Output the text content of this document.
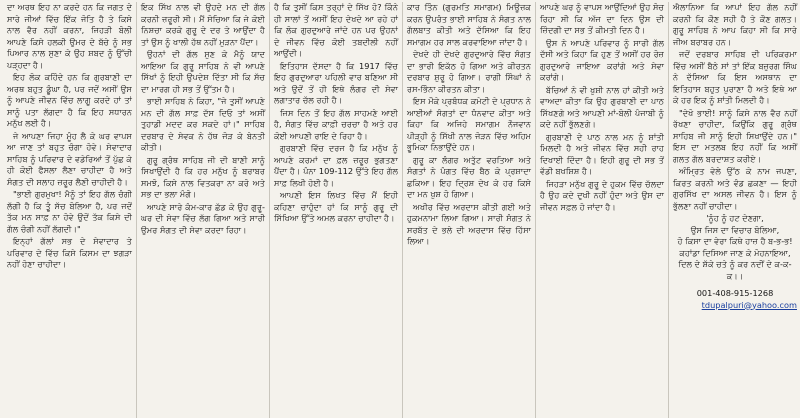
ਦਾ ਅਰਥ ਇਹ ਨਾ ਕਰਦੇ ਹਨ ਕਿ ਜਗਤ ਦੇ ਸਾਰੇ ਜੀਆਂ ਵਿੱਚ ਇੱਕ ਜੋਤਿ ਹੈ ਤੇ ਕਿਸੇ ਨਾਲ ਵੈਰ ਨਹੀਂ ਕਰਨਾ, ਜਿਹੜੀ ਬੋਲੀ ਆਪਣੇ ਕਿਸੇ ਹਲਕੀ ਉਮਰ ਦੇ ਬੱਚੇ ਨੂੰ ਸਭ ਪਿਆਰ ਨਾਲ ਸੁਣਾ ਕੇ ਉਹ ਸ਼ਬਦ ਨੂੰ ਉੱਚੀ ਪੜ੍ਹਦਾ ਹੈ।

ਇਹ ਲੋਕ ਕਹਿੰਦੇ ਹਨ ਕਿ ਗੁਰਬਾਣੀ ਦਾ ਅਰਥ ਬਹੁਤ ਡੂੰਘਾ ਹੈ, ਪਰ ਜਦੋਂ ਅਸੀਂ ਉਸ ਨੂੰ ਆਪਣੇ ਜੀਵਨ ਵਿੱਚ ਲਾਗੂ ਕਰਦੇ ਹਾਂ ਤਾਂ ਸਾਨੂੰ ਪਤਾ ਲੱਗਦਾ ਹੈ ਕਿ ਇਹ ਸਧਾਰਨ ਮਨੁੱਖ ਲਈ ਹੈ।

ਜੇ ਆਪਣਾ ਜਿਹਾ ਮੂੰਹ ਲੈ ਕੇ ਘਰ ਵਾਪਸ ਆ ਜਾਣ ਤਾਂ ਬਹੁਤ ਚੰਗਾ ਹੋਵੇ। ਸੇਵਾਦਾਰ ਸਾਹਿਬ ਨੂੰ ਪਰਿਵਾਰ ਦੇ ਵਡੇਰਿਆਂ ਤੋਂ ਪੁੱਛ ਕੇ ਹੀ ਕੋਈ ਫੈਸਲਾ ਲੈਣਾ ਚਾਹੀਦਾ ਹੈ ਅਤੇ ਸੰਗਤ ਦੀ ਸਲਾਹ ਜ਼ਰੂਰ ਲੈਣੀ ਚਾਹੀਦੀ ਹੈ।

"ਭਾਈ ਗੁਰਮੁਖਾ! ਮੈਨੂੰ ਤਾਂ ਇਹ ਗੱਲ ਚੰਗੀ ਲੱਗੀ ਹੈ ਕਿ ਤੂੰ ਸੱਚ ਬੋਲਿਆ ਹੈ, ਪਰ ਜਦੋਂ ਤੱਕ ਮਨ ਸਾਫ਼ ਨਾ ਹੋਵੇ ਉਦੋਂ ਤੱਕ ਕਿਸੇ ਦੀ ਗੱਲ ਚੰਗੀ ਨਹੀਂ ਲੱਗਦੀ।"

ਇਨ੍ਹਾਂ ਗੱਲਾਂ ਸਭ ਦੇ ਸੇਵਾਦਾਰ ਤੇ ਪਰਿਵਾਰ ਦੇ ਵਿੱਚ ਕਿਸੇ ਕਿਸਮ ਦਾ ਝਗੜਾ ਨਹੀਂ ਹੋਣਾ ਚਾਹੀਦਾ।

ਇਕ ਸਿੱਖ ਨਾਲ ਵੀ ਉਹਦੇ ਮਨ ਦੀ ਗੱਲ ਕਰਨੀ ਜ਼ਰੂਰੀ ਸੀ। ਮੈਂ ਸੋਚਿਆ ਕਿ ਜੇ ਕੋਈ ਨਿਸ਼ਚਾ ਕਰਕੇ ਗੁਰੂ ਦੇ ਦਰ ਤੇ ਆਉਂਦਾ ਹੈ ਤਾਂ ਉਸ ਨੂੰ ਖਾਲੀ ਹੱਥ ਨਹੀਂ ਮੁੜਨਾ ਪੈਂਦਾ।

ਉਹਨਾਂ ਦੀ ਗੱਲ ਸੁਣ ਕੇ ਮੈਨੂੰ ਯਾਦ ਆਇਆ ਕਿ ਗੁਰੂ ਸਾਹਿਬ ਨੇ ਵੀ ਆਪਣੇ ਸਿੱਖਾਂ ਨੂੰ ਇਹੀ ਉਪਦੇਸ਼ ਦਿੱਤਾ ਸੀ ਕਿ ਸੱਚ ਦਾ ਮਾਰਗ ਹੀ ਸਭ ਤੋਂ ਉੱਤਮ ਹੈ।

ਭਾਈ ਸਾਹਿਬ ਨੇ ਕਿਹਾ, "ਜੇ ਤੁਸੀਂ ਆਪਣੇ ਮਨ ਦੀ ਗੱਲ ਸਾਫ਼ ਦੱਸ ਦਿਓ ਤਾਂ ਅਸੀਂ ਤੁਹਾਡੀ ਮਦਦ ਕਰ ਸਕਦੇ ਹਾਂ।" ਸਾਹਿਬ ਦਰਬਾਰ ਦੇ ਸੇਵਕ ਨੇ ਹੱਥ ਜੋੜ ਕੇ ਬੇਨਤੀ ਕੀਤੀ।

ਗੁਰੂ ਗ੍ਰੰਥ ਸਾਹਿਬ ਜੀ ਦੀ ਬਾਣੀ ਸਾਨੂੰ ਸਿਖਾਉਂਦੀ ਹੈ ਕਿ ਹਰ ਮਨੁੱਖ ਨੂੰ ਬਰਾਬਰ ਸਮਝੋ, ਕਿਸੇ ਨਾਲ ਵਿਤਕਰਾ ਨਾ ਕਰੋ ਅਤੇ ਸਭ ਦਾ ਭਲਾ ਮੰਗੋ।

ਆਪਣੇ ਸਾਰੇ ਕੰਮ-ਕਾਰ ਛੱਡ ਕੇ ਉਹ ਗੁਰੂ-ਘਰ ਦੀ ਸੇਵਾ ਵਿੱਚ ਲੱਗ ਗਿਆ ਅਤੇ ਸਾਰੀ ਉਮਰ ਸੰਗਤ ਦੀ ਸੇਵਾ ਕਰਦਾ ਰਿਹਾ।

ਹੈ ਕਿ ਤੁਸੀਂ ਕਿਸ ਤਰ੍ਹਾਂ ਦੇ ਸਿੱਖ ਹੋ? ਕਿੰਨੇ ਹੀ ਸਾਲਾਂ ਤੋਂ ਅਸੀਂ ਇਹ ਦੇਖਦੇ ਆ ਰਹੇ ਹਾਂ ਕਿ ਲੋਕ ਗੁਰਦੁਆਰੇ ਜਾਂਦੇ ਹਨ ਪਰ ਉਹਨਾਂ ਦੇ ਜੀਵਨ ਵਿੱਚ ਕੋਈ ਤਬਦੀਲੀ ਨਹੀਂ ਆਉਂਦੀ।

ਇਤਿਹਾਸ ਦੱਸਦਾ ਹੈ ਕਿ 1917 ਵਿੱਚ ਇਹ ਗੁਰਦੁਆਰਾ ਪਹਿਲੀ ਵਾਰ ਬਣਿਆ ਸੀ ਅਤੇ ਉਦੋਂ ਤੋਂ ਹੀ ਇਥੇ ਲੰਗਰ ਦੀ ਸੇਵਾ ਲਗਾਤਾਰ ਚੱਲ ਰਹੀ ਹੈ।

ਜਿਸ ਦਿਨ ਤੋਂ ਇਹ ਗੱਲ ਸਾਹਮਣੇ ਆਈ ਹੈ, ਸੰਗਤ ਵਿੱਚ ਕਾਫ਼ੀ ਚਰਚਾ ਹੈ ਅਤੇ ਹਰ ਕੋਈ ਆਪਣੀ ਰਾਇ ਦੇ ਰਿਹਾ ਹੈ।

ਗੁਰਬਾਣੀ ਵਿੱਚ ਦਰਜ ਹੈ ਕਿ ਮਨੁੱਖ ਨੂੰ ਆਪਣੇ ਕਰਮਾਂ ਦਾ ਫ਼ਲ ਜ਼ਰੂਰ ਭੁਗਤਣਾ ਪੈਂਦਾ ਹੈ। ਪੰਨਾ 109-112 ਉੱਤੇ ਇਹ ਗੱਲ ਸਾਫ਼ ਲਿਖੀ ਹੋਈ ਹੈ।

ਆਪਣੀ ਇਸ ਲਿਖਤ ਵਿੱਚ ਮੈਂ ਇਹੀ ਕਹਿਣਾ ਚਾਹੁੰਦਾ ਹਾਂ ਕਿ ਸਾਨੂੰ ਗੁਰੂ ਦੀ ਸਿੱਖਿਆ ਉੱਤੇ ਅਮਲ ਕਰਨਾ ਚਾਹੀਦਾ ਹੈ।

ਕਾਰ ਤਿੰਨ (ਗੁਰਮਤਿ ਸਮਾਗਮ) ਮਿਊਜ਼ਕ ਕਰਨ ਉਪਰੰਤ ਭਾਈ ਸਾਹਿਬ ਨੇ ਸੰਗਤ ਨਾਲ ਗੱਲਬਾਤ ਕੀਤੀ ਅਤੇ ਦੱਸਿਆ ਕਿ ਇਹ ਸਮਾਗਮ ਹਰ ਸਾਲ ਕਰਵਾਇਆ ਜਾਂਦਾ ਹੈ।

ਦੇਖਦੇ ਹੀ ਦੇਖਦੇ ਗੁਰਦੁਆਰੇ ਵਿੱਚ ਸੰਗਤ ਦਾ ਭਾਰੀ ਇਕੱਠ ਹੋ ਗਿਆ ਅਤੇ ਕੀਰਤਨ ਦਰਬਾਰ ਸ਼ੁਰੂ ਹੋ ਗਿਆ। ਰਾਗੀ ਸਿੰਘਾਂ ਨੇ ਰਸ-ਭਿੰਨਾ ਕੀਰਤਨ ਕੀਤਾ।

ਇਸ ਮੌਕੇ ਪ੍ਰਬੰਧਕ ਕਮੇਟੀ ਦੇ ਪ੍ਰਧਾਨ ਨੇ ਆਈਆਂ ਸੰਗਤਾਂ ਦਾ ਧੰਨਵਾਦ ਕੀਤਾ ਅਤੇ ਕਿਹਾ ਕਿ ਅਜਿਹੇ ਸਮਾਗਮ ਨੌਜਵਾਨ ਪੀੜ੍ਹੀ ਨੂੰ ਸਿੱਖੀ ਨਾਲ ਜੋੜਨ ਵਿੱਚ ਅਹਿਮ ਭੂਮਿਕਾ ਨਿਭਾਉਂਦੇ ਹਨ।

ਗੁਰੂ ਕਾ ਲੰਗਰ ਅਤੁੱਟ ਵਰਤਿਆ ਅਤੇ ਸੰਗਤਾਂ ਨੇ ਪੰਗਤ ਵਿੱਚ ਬੈਠ ਕੇ ਪ੍ਰਸ਼ਾਦਾ ਛਕਿਆ। ਇਹ ਦ੍ਰਿਸ਼ ਦੇਖ ਕੇ ਹਰ ਕਿਸੇ ਦਾ ਮਨ ਖੁਸ਼ ਹੋ ਗਿਆ।

ਅਖੀਰ ਵਿੱਚ ਅਰਦਾਸ ਕੀਤੀ ਗਈ ਅਤੇ ਹੁਕਮਨਾਮਾ ਲਿਆ ਗਿਆ। ਸਾਰੀ ਸੰਗਤ ਨੇ ਸਰਬੱਤ ਦੇ ਭਲੇ ਦੀ ਅਰਦਾਸ ਵਿੱਚ ਹਿੱਸਾ ਲਿਆ।

ਆਪਣੇ ਘਰ ਨੂੰ ਵਾਪਸ ਆਉਂਦਿਆਂ ਉਹ ਸੋਚ ਰਿਹਾ ਸੀ ਕਿ ਅੱਜ ਦਾ ਦਿਨ ਉਸ ਦੀ ਜ਼ਿੰਦਗੀ ਦਾ ਸਭ ਤੋਂ ਕੀਮਤੀ ਦਿਨ ਹੈ।

ਉਸ ਨੇ ਆਪਣੇ ਪਰਿਵਾਰ ਨੂੰ ਸਾਰੀ ਗੱਲ ਦੱਸੀ ਅਤੇ ਕਿਹਾ ਕਿ ਹੁਣ ਤੋਂ ਅਸੀਂ ਹਰ ਰੋਜ਼ ਗੁਰਦੁਆਰੇ ਜਾਇਆ ਕਰਾਂਗੇ ਅਤੇ ਸੇਵਾ ਕਰਾਂਗੇ।

ਬੱਚਿਆਂ ਨੇ ਵੀ ਖੁਸ਼ੀ ਨਾਲ ਹਾਂ ਕੀਤੀ ਅਤੇ ਵਾਅਦਾ ਕੀਤਾ ਕਿ ਉਹ ਗੁਰਬਾਣੀ ਦਾ ਪਾਠ ਸਿੱਖਣਗੇ ਅਤੇ ਆਪਣੀ ਮਾਂ-ਬੋਲੀ ਪੰਜਾਬੀ ਨੂੰ ਕਦੇ ਨਹੀਂ ਭੁੱਲਣਗੇ।

ਗੁਰਬਾਣੀ ਦੇ ਪਾਠ ਨਾਲ ਮਨ ਨੂੰ ਸ਼ਾਂਤੀ ਮਿਲਦੀ ਹੈ ਅਤੇ ਜੀਵਨ ਵਿੱਚ ਸਹੀ ਰਾਹ ਦਿਖਾਈ ਦਿੰਦਾ ਹੈ। ਇਹੀ ਗੁਰੂ ਦੀ ਸਭ ਤੋਂ ਵੱਡੀ ਬਖਸ਼ਿਸ਼ ਹੈ।

ਜਿਹੜਾ ਮਨੁੱਖ ਗੁਰੂ ਦੇ ਹੁਕਮ ਵਿੱਚ ਚੱਲਦਾ ਹੈ ਉਹ ਕਦੇ ਦੁਖੀ ਨਹੀਂ ਹੁੰਦਾ ਅਤੇ ਉਸ ਦਾ ਜੀਵਨ ਸਫ਼ਲ ਹੋ ਜਾਂਦਾ ਹੈ।

ਐਲਾਨਿਆ ਕਿ ਆਪਾਂ ਇਹ ਗੱਲ ਨਹੀਂ ਕਰਨੀ ਕਿ ਕੌਣ ਸਹੀ ਹੈ ਤੇ ਕੌਣ ਗਲਤ। ਗੁਰੂ ਸਾਹਿਬ ਨੇ ਆਪ ਕਿਹਾ ਸੀ ਕਿ ਸਾਰੇ ਜੀਅ ਬਰਾਬਰ ਹਨ।

ਜਦੋਂ ਦਰਬਾਰ ਸਾਹਿਬ ਦੀ ਪਰਿਕਰਮਾ ਵਿੱਚ ਅਸੀਂ ਬੈਠੇ ਸਾਂ ਤਾਂ ਇੱਕ ਬਜ਼ੁਰਗ ਸਿੰਘ ਨੇ ਦੱਸਿਆ ਕਿ ਇਸ ਅਸਥਾਨ ਦਾ ਇਤਿਹਾਸ ਬਹੁਤ ਪੁਰਾਣਾ ਹੈ ਅਤੇ ਇਥੇ ਆ ਕੇ ਹਰ ਇਕ ਨੂੰ ਸ਼ਾਂਤੀ ਮਿਲਦੀ ਹੈ।

"ਦੇਖੋ ਭਾਈ! ਸਾਨੂੰ ਕਿਸੇ ਨਾਲ ਵੈਰ ਨਹੀਂ ਰੱਖਣਾ ਚਾਹੀਦਾ, ਕਿਉਂਕਿ ਗੁਰੂ ਗ੍ਰੰਥ ਸਾਹਿਬ ਜੀ ਸਾਨੂੰ ਇਹੀ ਸਿਖਾਉਂਦੇ ਹਨ।" ਇਸ ਦਾ ਮਤਲਬ ਇਹ ਨਹੀਂ ਕਿ ਅਸੀਂ ਗਲਤ ਗੱਲ ਬਰਦਾਸ਼ਤ ਕਰੀਏ।

ਅੰਮ੍ਰਿਤ ਵੇਲੇ ਉੱਠ ਕੇ ਨਾਮ ਜਪਣਾ, ਕਿਰਤ ਕਰਨੀ ਅਤੇ ਵੰਡ ਛਕਣਾ — ਇਹੀ ਗੁਰਸਿੱਖ ਦਾ ਅਸਲ ਜੀਵਨ ਹੈ। ਇਸ ਨੂੰ ਭੁੱਲਣਾ ਨਹੀਂ ਚਾਹੀਦਾ।

'ਨੂੰਹ ਨੂੰ ਹਟ ਦੇਣਗਾ,

ਉਸ ਜਿਸ ਦਾ ਵਿਚਾਰ ਬੋਲਿਆ,

ਹੋ ਕਿਸਾ ਦਾ ਵੇਰਾ ਕਿਥੇ ਹਾਜ਼ ਹੈ ਬ-ਭ-ਭ!

ਕਹਾਂਡਾ ਦਿਸਿਆ ਜਾਣ ਕੇ ਮੋਹਨਾਇਆ,

ਦਿਲ ਦੇ ਸ਼ੱਕੇ ਚਤੇ ਨੂੰ ਕਰ ਨਦੀਂ ਦੇ ਕ-ਕ-ਕ।।

001-408-915-1268
tdupalpuri@yahoo.com
